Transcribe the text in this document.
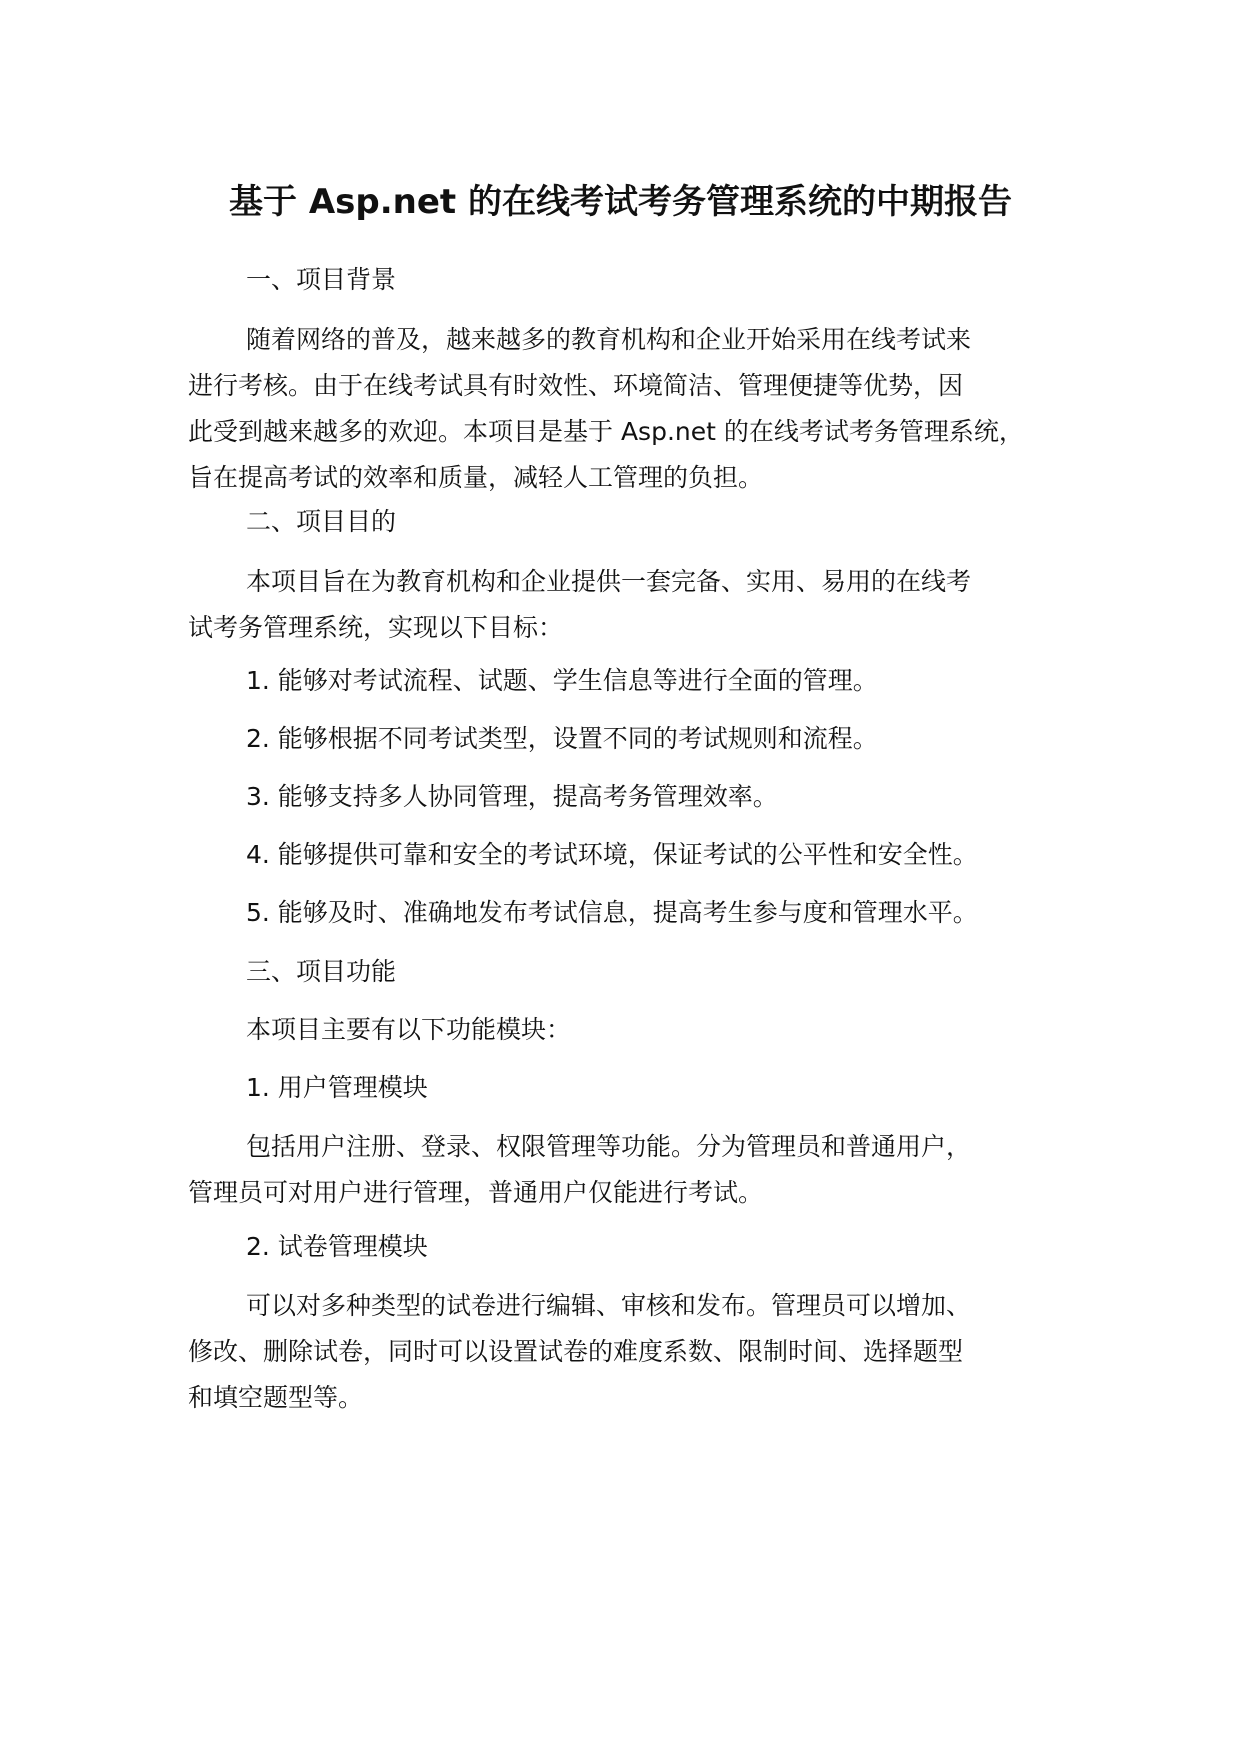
基于 Asp.net 的在线考试考务管理系统的中期报告
一、项目背景
随着网络的普及，越来越多的教育机构和企业开始采用在线考试来
进行考核。由于在线考试具有时效性、环境简洁、管理便捷等优势，因
此受到越来越多的欢迎。本项目是基于 Asp.net 的在线考试考务管理系统，
旨在提高考试的效率和质量，减轻人工管理的负担。
二、项目目的
本项目旨在为教育机构和企业提供一套完备、实用、易用的在线考
试考务管理系统，实现以下目标：
1. 能够对考试流程、试题、学生信息等进行全面的管理。
2. 能够根据不同考试类型，设置不同的考试规则和流程。
3. 能够支持多人协同管理，提高考务管理效率。
4. 能够提供可靠和安全的考试环境，保证考试的公平性和安全性。
5. 能够及时、准确地发布考试信息，提高考生参与度和管理水平。
三、项目功能
本项目主要有以下功能模块：
1. 用户管理模块
包括用户注册、登录、权限管理等功能。分为管理员和普通用户，
管理员可对用户进行管理，普通用户仅能进行考试。
2. 试卷管理模块
可以对多种类型的试卷进行编辑、审核和发布。管理员可以增加、
修改、删除试卷，同时可以设置试卷的难度系数、限制时间、选择题型
和填空题型等。
